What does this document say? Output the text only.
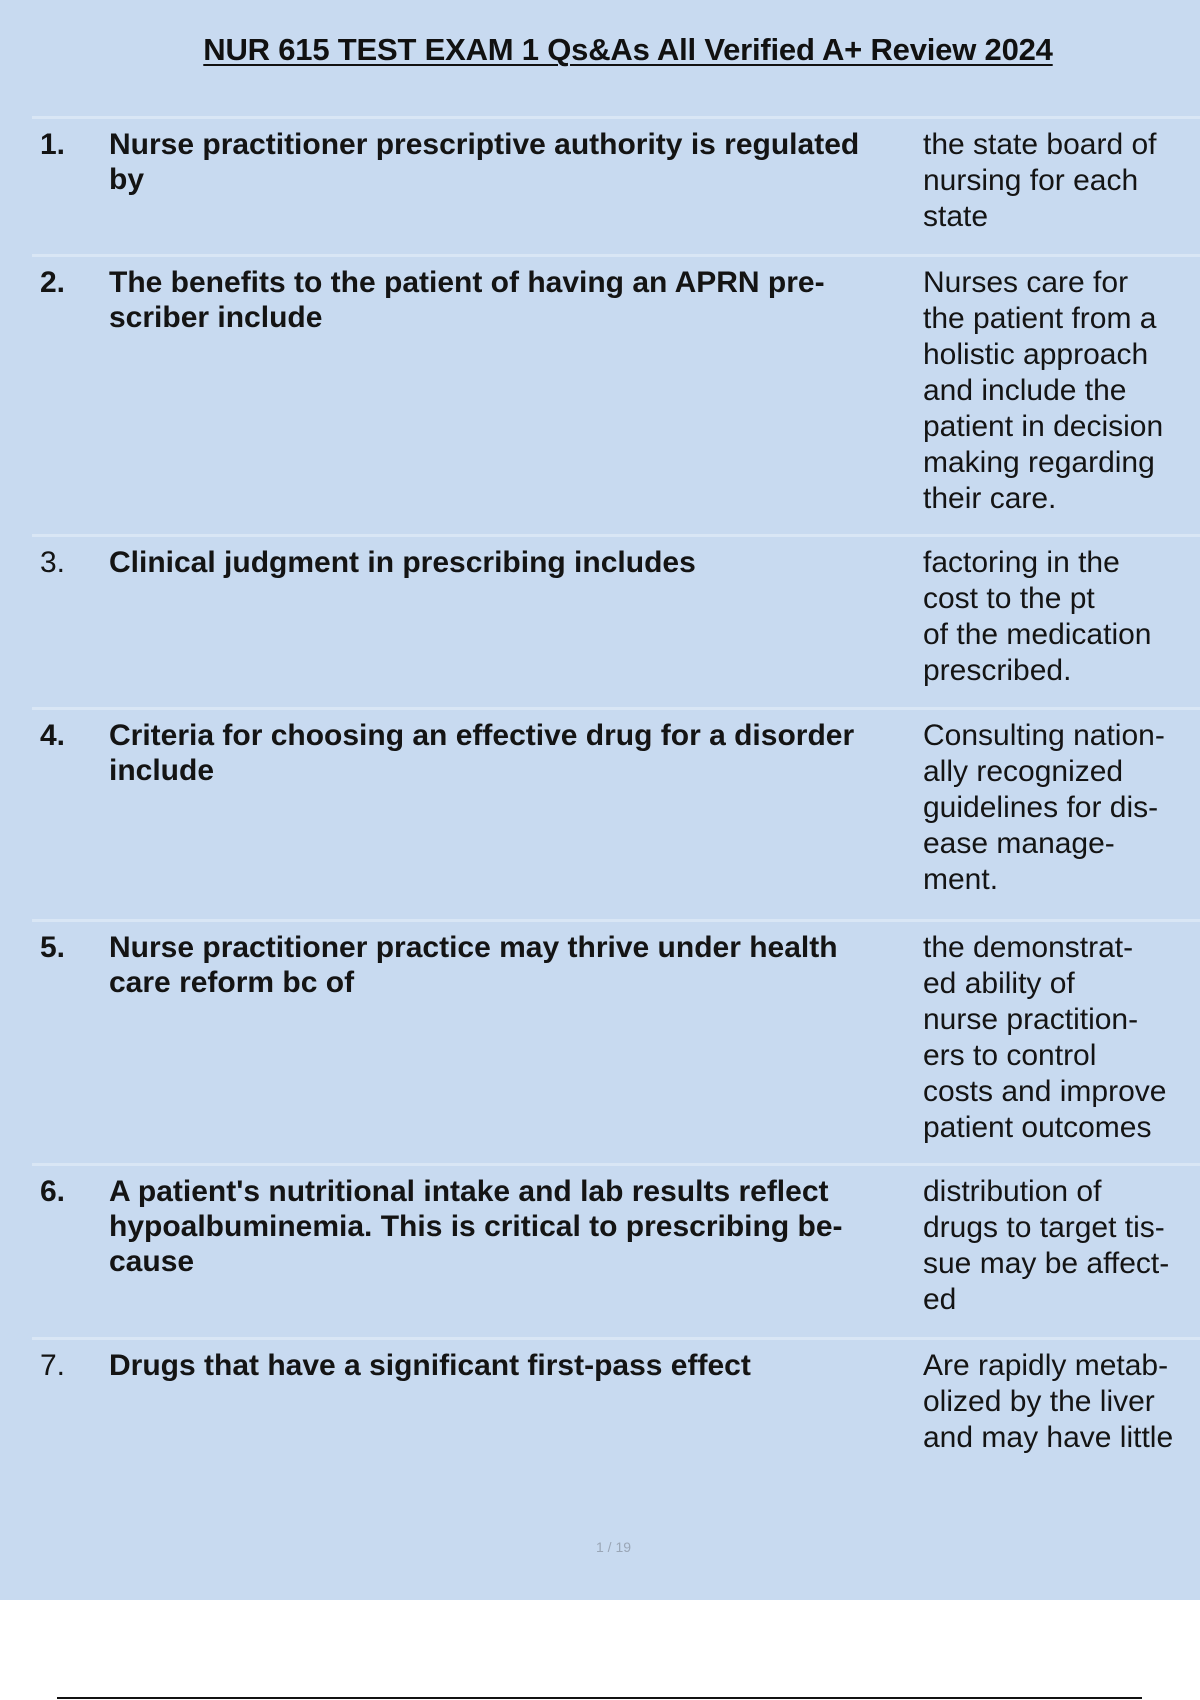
NUR 615 TEST EXAM 1 Qs&As All Verified A+ Review 2024
1. Nurse practitioner prescriptive authority is regulated
by
the state board of
nursing for each
state
2. The benefits to the patient of having an APRN pre-
scriber include
Nurses care for
the patient from a
holistic approach
and include the
patient in decision
making regarding
their care.
3. Clinical judgment in prescribing includes	factoring in the
cost to the pt
of the medication
prescribed.
4. Criteria for choosing an effective drug for a disorder
include
Consulting nation-
ally recognized
guidelines for dis-
ease manage-
ment.
5. Nurse practitioner practice may thrive under health
care reform bc of
the demonstrat-
ed ability of
nurse practition-
ers to control
costs and improve
patient outcomes
6. A patient's nutritional intake and lab results reflect
hypoalbuminemia. This is critical to prescribing be-
cause
distribution of
drugs to target tis-
sue may be affect-
ed
7. Drugs that have a significant first-pass effect	Are rapidly metab-
olized by the liver
and may have little
1 / 19
